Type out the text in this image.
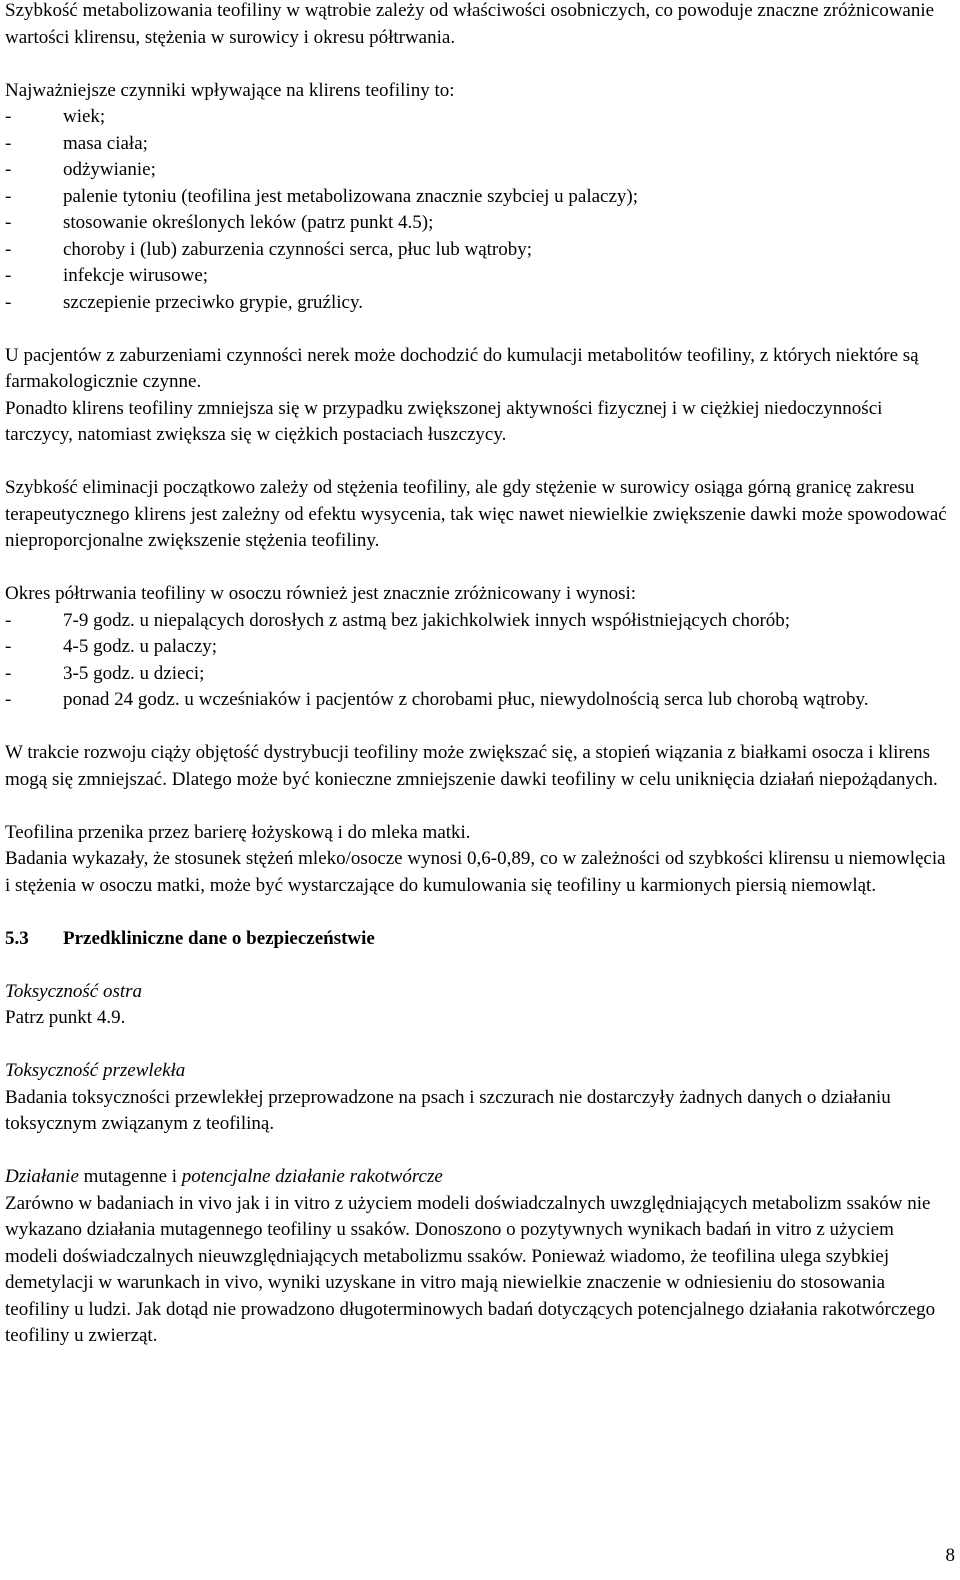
Szybkość metabolizowania teofiliny w wątrobie zależy od właściwości osobniczych, co powoduje znaczne zróżnicowanie wartości klirensu, stężenia w surowicy i okresu półtrwania.

Najważniejsze czynniki wpływające na klirens teofiliny to:

-	wiek;
-	masa ciała;
-	odżywianie;
-	palenie tytoniu (teofilina jest metabolizowana znacznie szybciej u palaczy);
-	stosowanie określonych leków (patrz punkt 4.5);
-	choroby i (lub) zaburzenia czynności serca, płuc lub wątroby;
-	infekcje wirusowe;
-	szczepienie przeciwko grypie, gruźlicy.

U pacjentów z zaburzeniami czynności nerek może dochodzić do kumulacji metabolitów teofiliny, z których niektóre są farmakologicznie czynne.

Ponadto klirens teofiliny zmniejsza się w przypadku zwiększonej aktywności fizycznej i w ciężkiej niedoczynności tarczycy, natomiast zwiększa się w ciężkich postaciach łuszczycy.

Szybkość eliminacji początkowo zależy od stężenia teofiliny, ale gdy stężenie w surowicy osiąga górną granicę zakresu terapeutycznego klirens jest zależny od efektu wysycenia, tak więc nawet niewielkie zwiększenie dawki może spowodować nieproporcjonalne zwiększenie stężenia teofiliny.

Okres półtrwania teofiliny w osoczu również jest znacznie zróżnicowany i wynosi:

-	7-9 godz. u niepalących dorosłych z astmą bez jakichkolwiek innych współistniejących chorób;
-	4-5 godz. u palaczy;
-	3-5 godz. u dzieci;
-	ponad 24 godz. u wcześniaków i pacjentów z chorobami płuc, niewydolnością serca lub chorobą wątroby.

W trakcie rozwoju ciąży objętość dystrybucji teofiliny może zwiększać się, a stopień wiązania z białkami osocza i klirens mogą się zmniejszać. Dlatego może być konieczne zmniejszenie dawki teofiliny w celu uniknięcia działań niepożądanych.

Teofilina przenika przez barierę łożyskową i do mleka matki.

Badania wykazały, że stosunek stężeń mleko/osocze wynosi 0,6-0,89, co w zależności od szybkości klirensu u niemowlęcia i stężenia w osoczu matki, może być wystarczające do kumulowania się teofiliny u karmionych piersią niemowląt.

5.3 Przedkliniczne dane o bezpieczeństwie

Toksyczność ostra

Patrz punkt 4.9.

Toksyczność przewlekła

Badania toksyczności przewlekłej przeprowadzone na psach i szczurach nie dostarczyły żadnych danych o działaniu toksycznym związanym z teofiliną.

Działanie mutagenne i potencjalne działanie rakotwórcze

Zarówno w badaniach in vivo jak i in vitro z użyciem modeli doświadczalnych uwzględniających metabolizm ssaków nie wykazano działania mutagennego teofiliny u ssaków. Donoszono o pozytywnych wynikach badań in vitro z użyciem modeli doświadczalnych nieuwzględniających metabolizmu ssaków. Ponieważ wiadomo, że teofilina ulega szybkiej demetylacji w warunkach in vivo, wyniki uzyskane in vitro mają niewielkie znaczenie w odniesieniu do stosowania teofiliny u ludzi. Jak dotąd nie prowadzono długoterminowych badań dotyczących potencjalnego działania rakotwórczego teofiliny u zwierząt.

8
